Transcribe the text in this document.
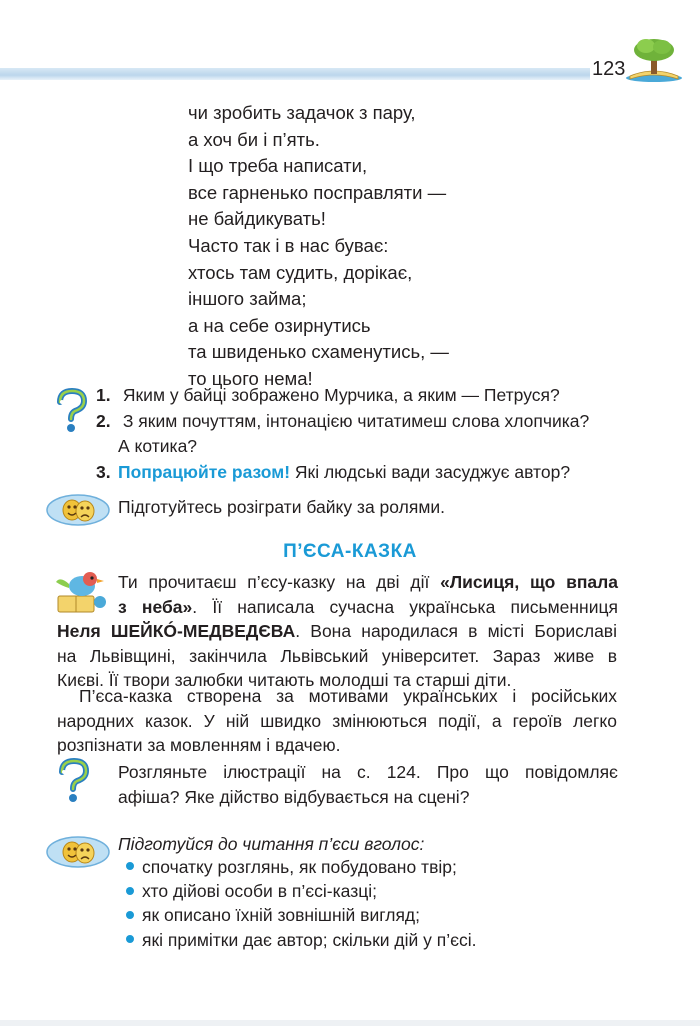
123
чи зробить задачок з пару,
а хоч би і п’ять.
І що треба написати,
все гарненько посправляти —
не байдикувать!
Часто так і в нас буває:
хтось там судить, дорікає,
іншого займа;
а на себе озирнутись
та швиденько схаменутись, —
то цього нема!
1. Яким у байці зображено Мурчика, а яким — Петруся?
2. З яким почуттям, інтонацією читатимеш слова хлопчика?
А котика?
3. Попрацюйте разом! Які людські вади засуджує автор?
Підготуйтесь розіграти байку за ролями.
П’ЄСА-КАЗКА
Ти прочитаєш п’єсу-казку на дві дії «Лисиця, що впала
з неба». Її написала сучасна українська письменниця
Неля ШЕЙКÓ-МЕДВЕДЄВА. Вона народилася в місті Бориславі
на Львівщині, закінчила Львівський університет. Зараз живе в
Києві. Її твори залюбки читають молодші та старші діти.
П’єса-казка створена за мотивами українських і російських
народних казок. У ній швидко змінюються події, а героїв легко
розпізнати за мовленням і вдачею.
Розгляньте ілюстрації на с. 124. Про що повідомляє
афіша? Яке дійство відбувається на сцені?
Підготуйся до читання п’єси вголос:
спочатку розглянь, як побудовано твір;
хто дійові особи в п’єсі-казці;
як описано їхній зовнішній вигляд;
які примітки дає автор; скільки дій у п’єсі.
